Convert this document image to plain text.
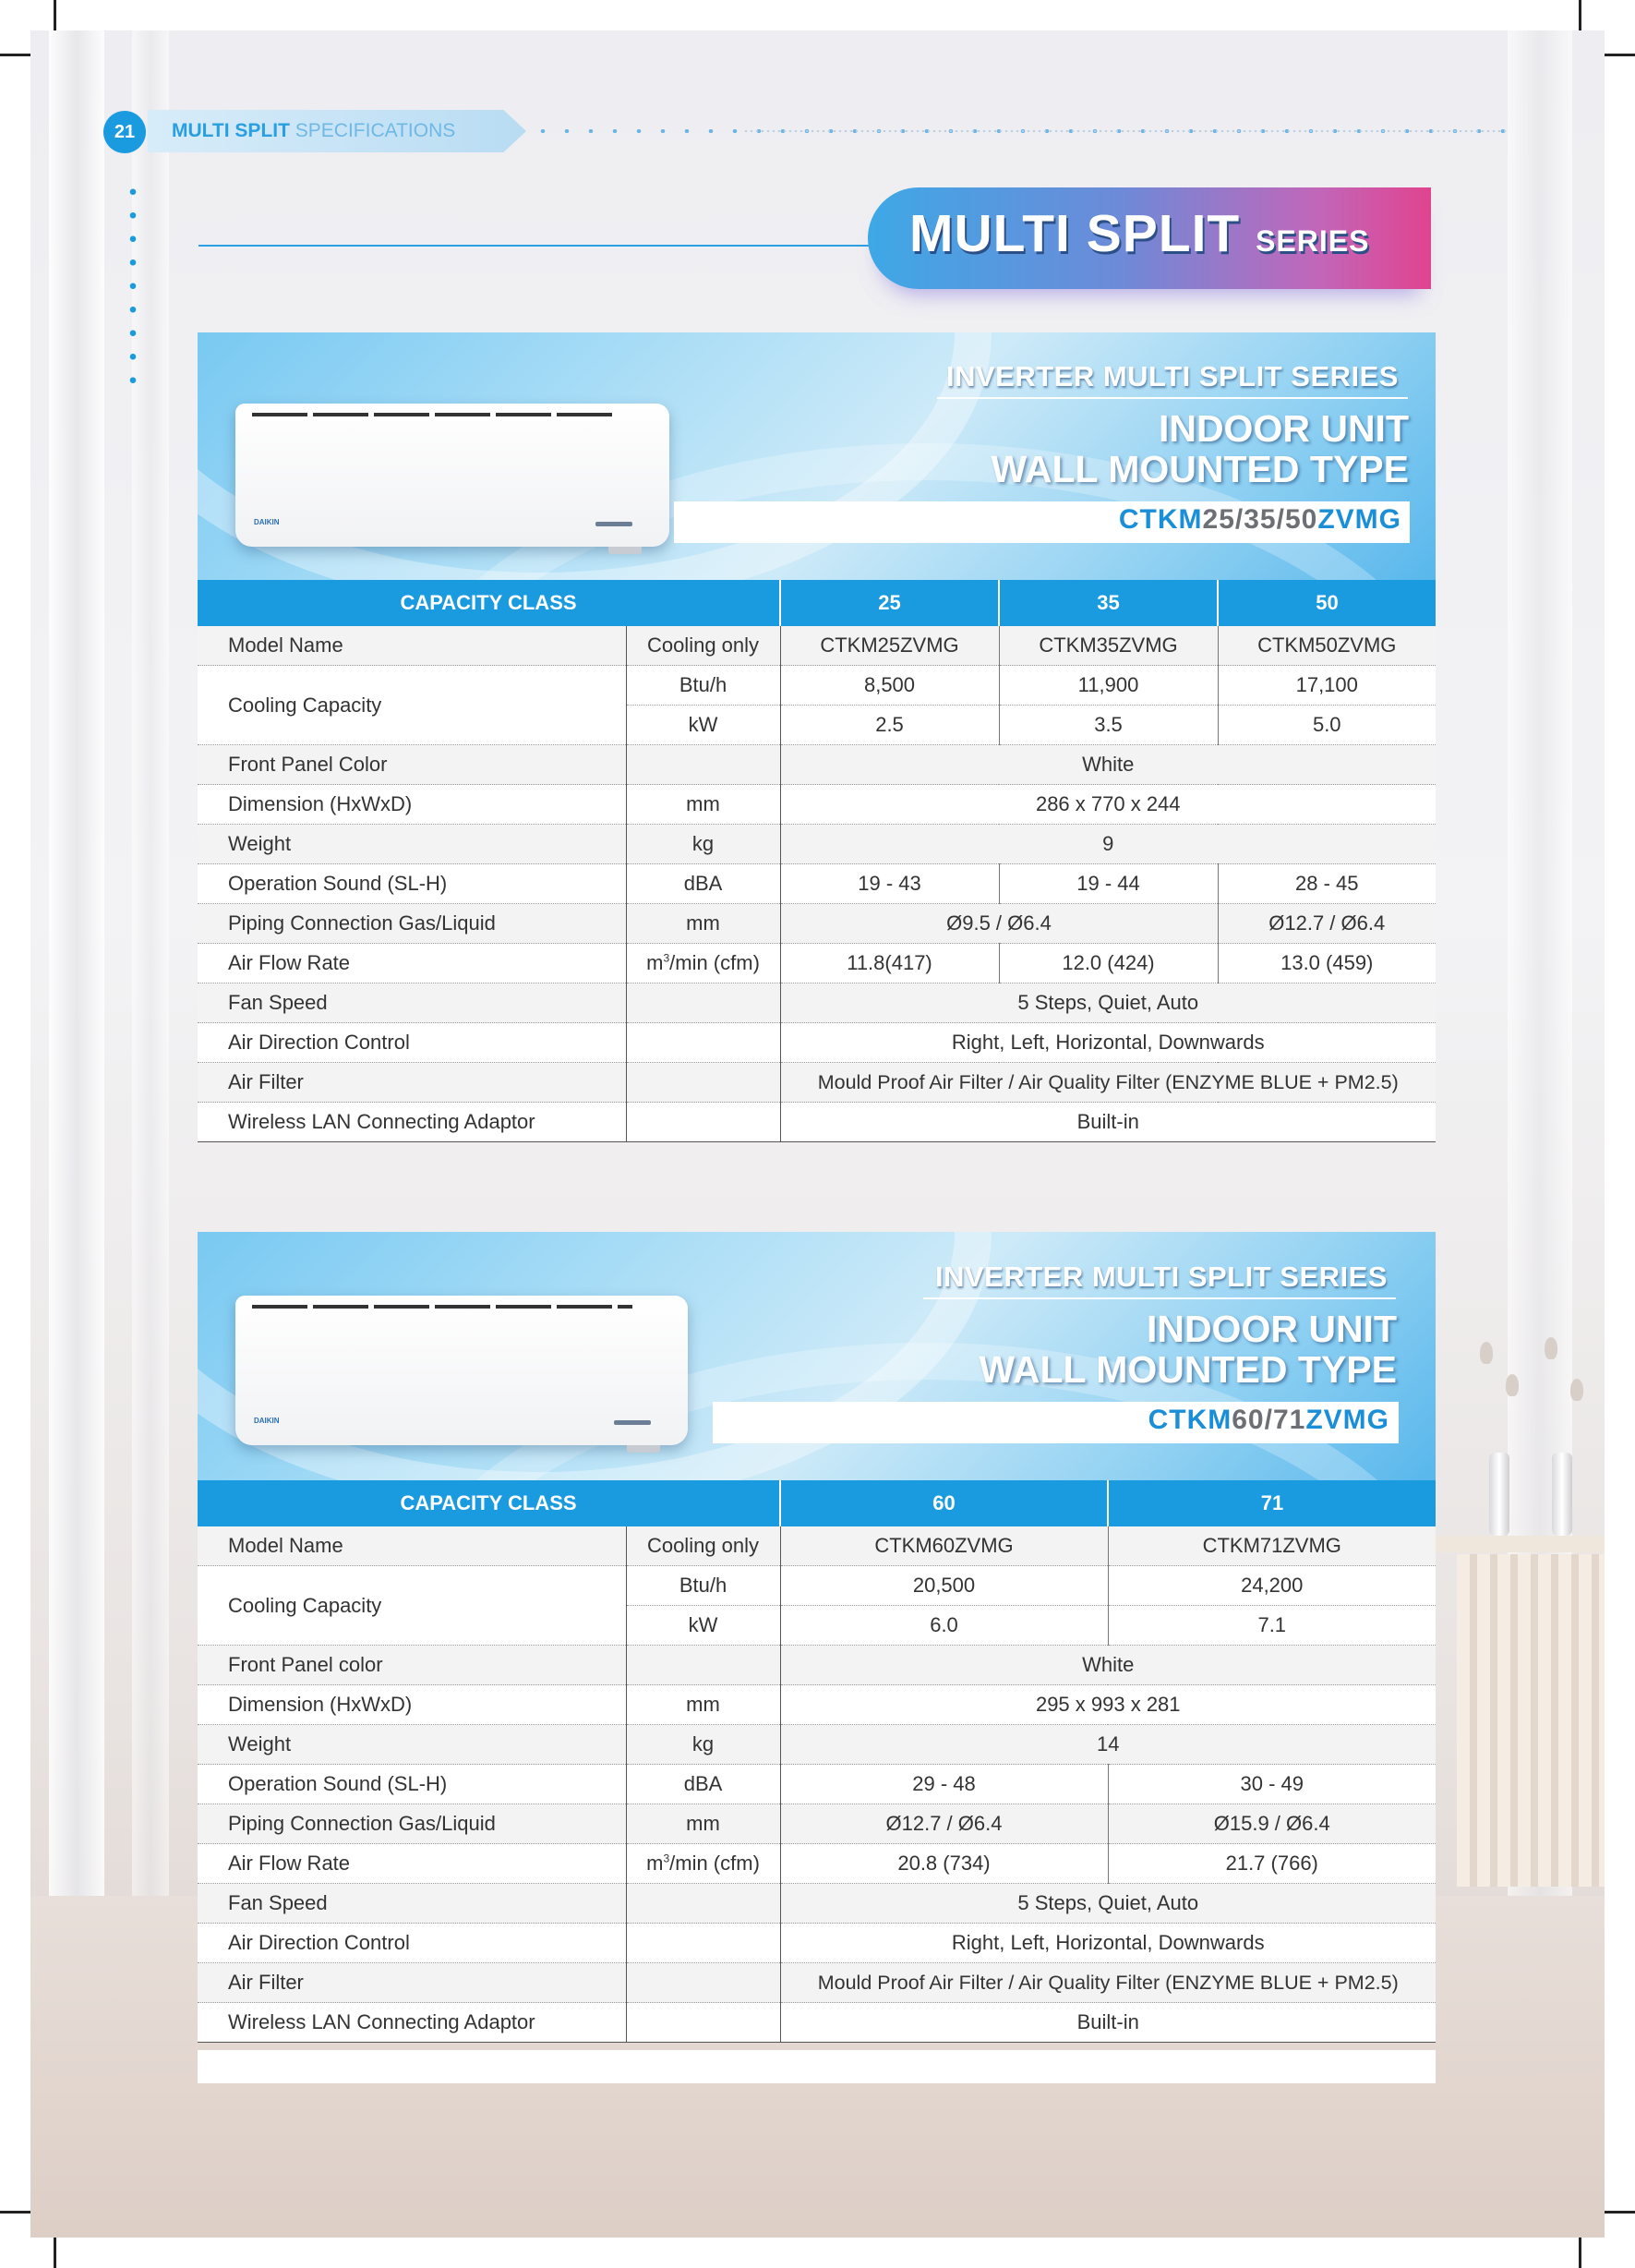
21	MULTI SPLIT SPECIFICATIONS
MULTI SPLIT SERIES
DAIKIN
INVERTER MULTI SPLIT SERIES
INDOOR UNIT
WALL MOUNTED TYPE
CTKM25/35/50ZVMG
CAPACITY CLASS		25	35	50
Model Name	Cooling only	CTKM25ZVMG	CTKM35ZVMG	CTKM50ZVMG
Cooling Capacity	Btu/h	8,500	11,900	17,100
	kW	2.5	3.5	5.0
Front Panel Color		White		
Dimension (HxWxD)	mm	286 x 770 x 244		
Weight	kg	9		
Operation Sound (SL-H)	dBA	19 - 43	19 - 44	28 - 45
Piping Connection Gas/Liquid	mm	Ø9.5 / Ø6.4		Ø12.7 / Ø6.4
Air Flow Rate	$m^3/\min$ (cfm)	11.8(417)	12.0 (424)	13.0 (459)
Fan Speed		5 Steps, Quiet, Auto		
Air Direction Control		Right, Left, Horizontal, Downwards		
Air Filter		Mould Proof Air Filter / Air Quality Filter (ENZYME BLUE + PM2.5)		
Wireless LAN Connecting Adaptor		Built-in		
DAIKIN
INVERTER MULTI SPLIT SERIES
INDOOR UNIT
WALL MOUNTED TYPE
CTKM60/71ZVMG
CAPACITY CLASS		60	71
Model Name	Cooling only	CTKM60ZVMG	CTKM71ZVMG
Cooling Capacity	Btu/h	20,500	24,200
	kW	6.0	7.1
Front Panel color		White	
Dimension (HxWxD)	mm	295 x 993 x 281	
Weight	kg	14	
Operation Sound (SL-H)	dBA	29 - 48	30 - 49
Piping Connection Gas/Liquid	mm	Ø12.7 / Ø6.4	Ø15.9 / Ø6.4
Air Flow Rate	$m^3/\min$ (cfm)	20.8 (734)	21.7 (766)
Fan Speed		5 Steps, Quiet, Auto	
Air Direction Control		Right, Left, Horizontal, Downwards	
Air Filter		Mould Proof Air Filter / Air Quality Filter (ENZYME BLUE + PM2.5)	
Wireless LAN Connecting Adaptor		Built-in	
